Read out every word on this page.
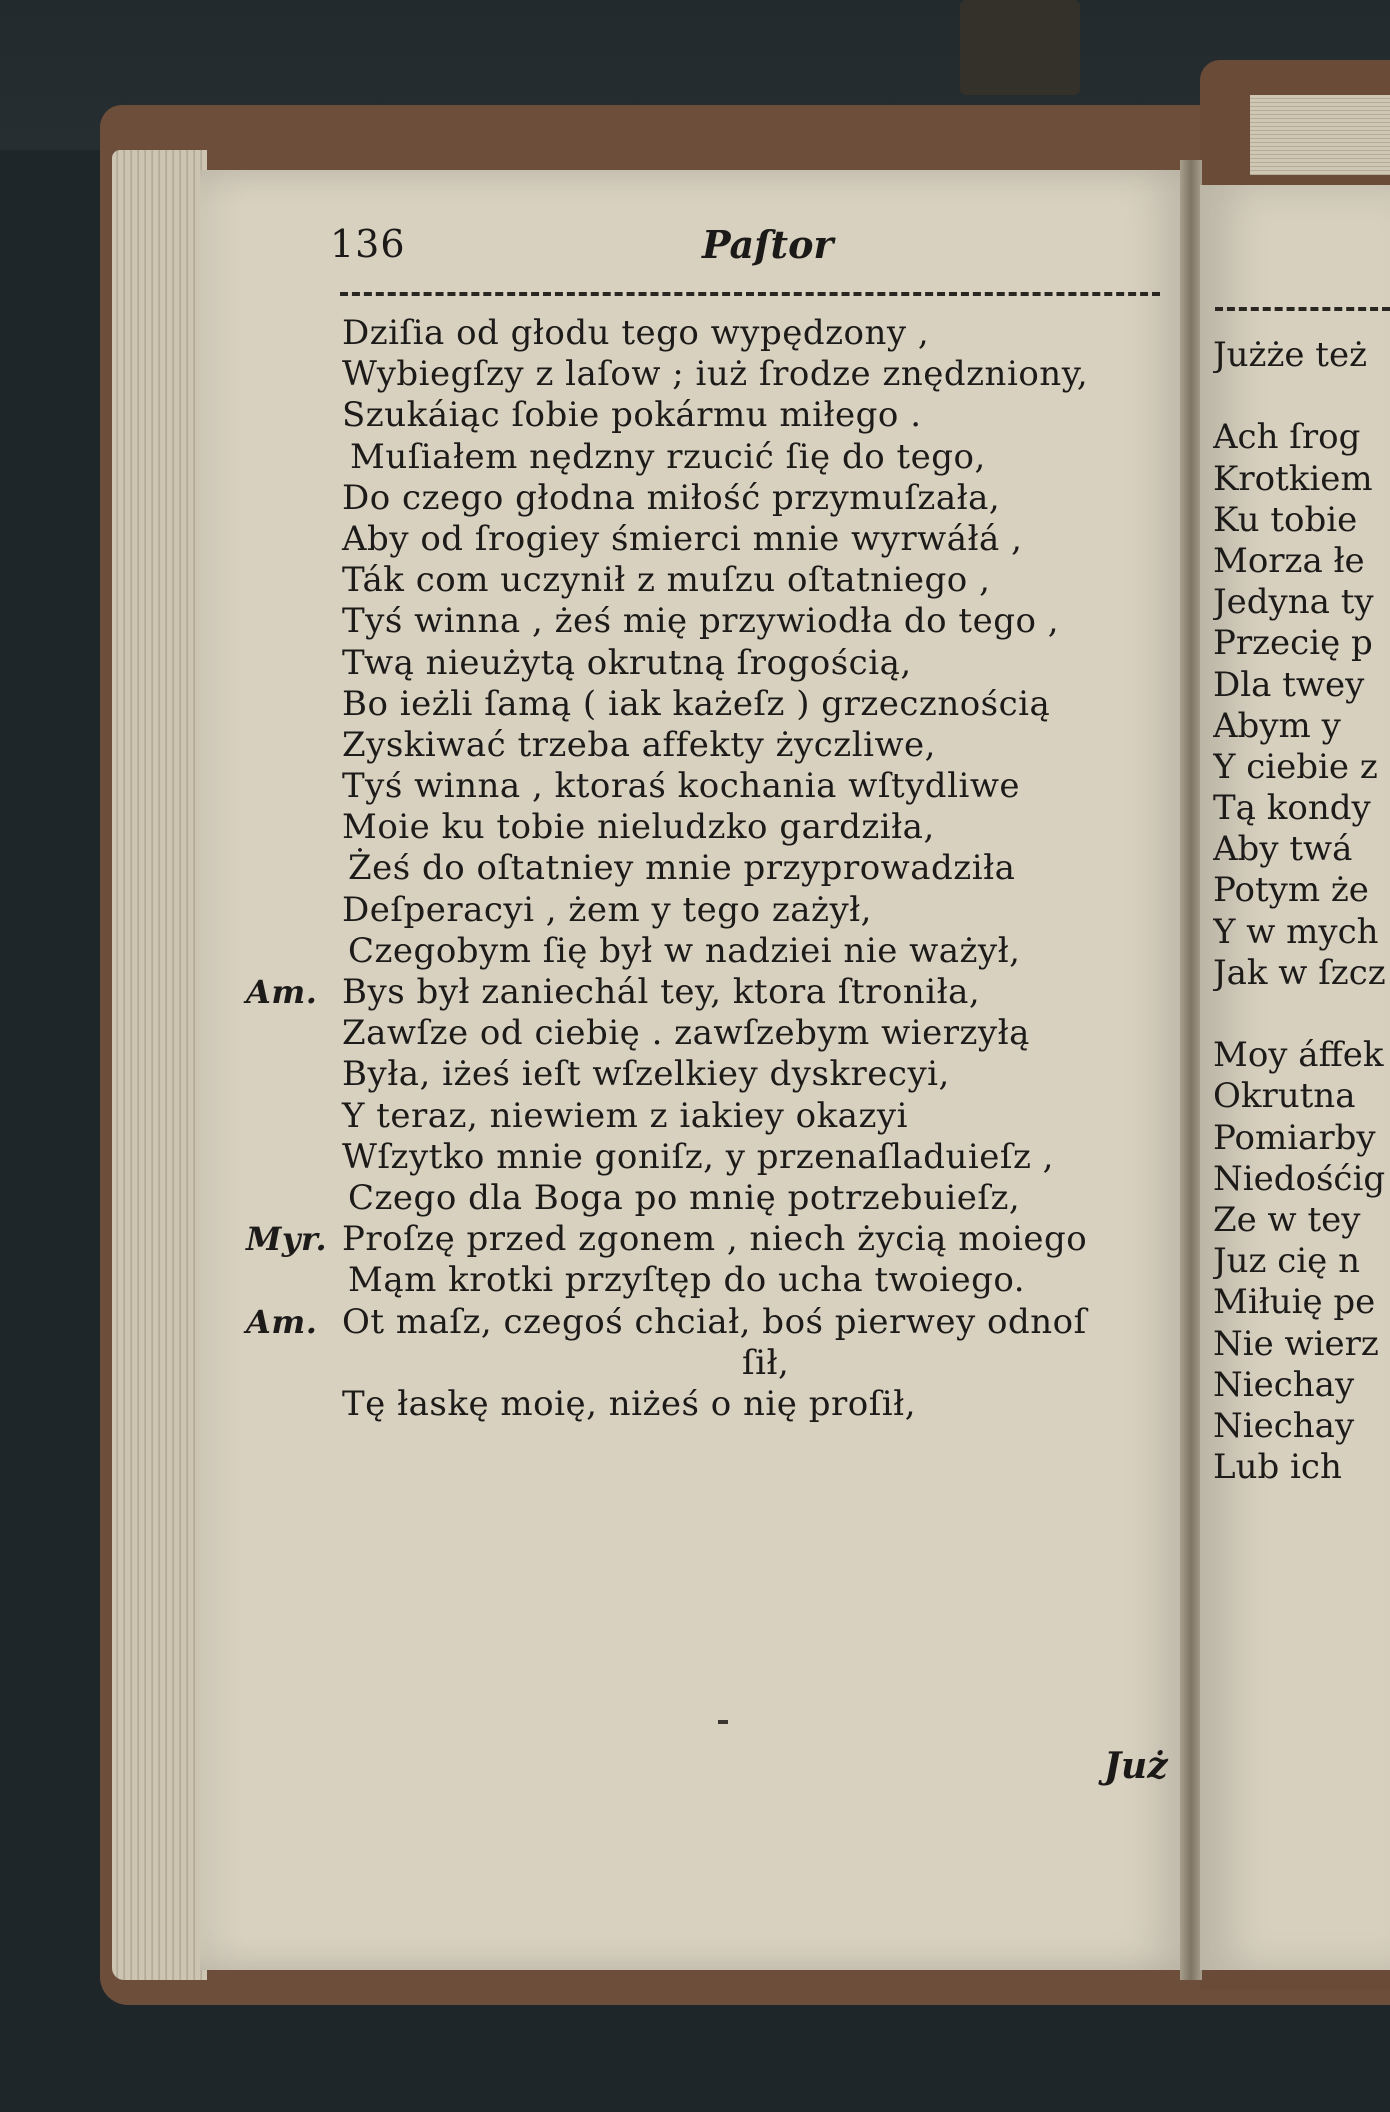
136	Paſtor
Dziſia od głodu tego wypędzony ,
Wybiegſzy z laſow ; iuż ſrodze znędzniony,
Szukáiąc ſobie pokármu miłego .
Muſiałem nędzny rzucić ſię do tego,
Do czego głodna miłość przymuſzała,
Aby od ſrogiey śmierci mnie wyrwáłá ,
Ták com uczynił z muſzu oſtatniego ,
Tyś winna , żeś mię przywiodła do tego ,
Twą nieużytą okrutną ſrogością,
Bo ieżli ſamą ( iak każeſz ) grzecznością
Zyskiwać trzeba affekty życzliwe,
Tyś winna , ktoraś kochania wſtydliwe
Moie ku tobie nieludzko gardziła,
Żeś do oſtatniey mnie przyprowadziła
Deſperacyi , żem y tego zażył,
Czegobym ſię był w nadziei nie ważył,
Am. Bys był zaniechál tey, ktora ſtroniła,
Zawſze od ciebię . zawſzebym wierzyłą
Była, iżeś ieſt wſzelkiey dyskrecyi,
Y teraz, niewiem z iakiey okazyi
Wſzytko mnie goniſz, y przenaſladuieſz ,
Czego dla Boga po mnię potrzebuieſz,
Myr. Proſzę przed zgonem , niech życią moiego
Mąm krotki przyſtęp do ucha twoiego.
Am. Ot maſz, czegoś chciał, boś pierwey odnoſ
ſił,
Tę łaskę moię, niżeś o nię proſił,
Już
Jużże też
Ach ſrog
Krotkiem
Ku tobie
Morza łe
Jedyna ty
Przecię p
Dla twey
Abym y
Y ciebie z
Tą kondy
Aby twá
Potym że
Y w mych
Jak w ſzcz
Moy áffek
Okrutna
Pomiarby
Niedośćig
Ze w tey
Juz cię n
Miłuię pe
Nie wierz
Niechay
Niechay
Lub ich
